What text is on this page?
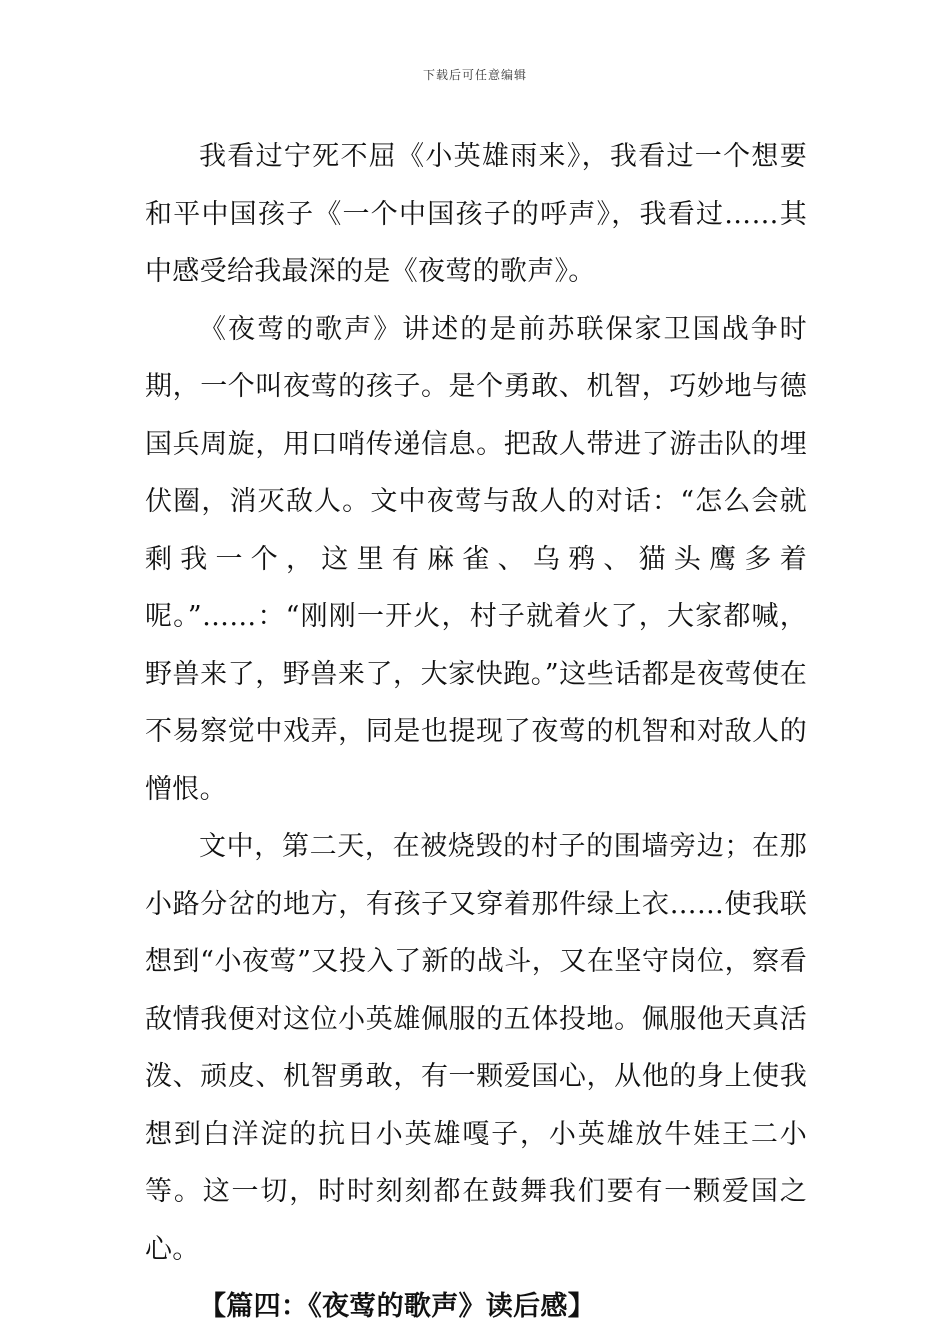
下载后可任意编辑

我看过宁死不屈《小英雄雨来》，我看过一个想要和平中国孩子《一个中国孩子的呼声》，我看过……其中感受给我最深的是《夜莺的歌声》。

《夜莺的歌声》讲述的是前苏联保家卫国战争时期，一个叫夜莺的孩子。是个勇敢、机智，巧妙地与德国兵周旋，用口哨传递信息。把敌人带进了游击队的埋伏圈，消灭敌人。文中夜莺与敌人的对话：“怎么会就剩我一个，这里有麻雀、乌鸦、猫头鹰多着呢。”……：“刚刚一开火，村子就着火了，大家都喊，野兽来了，野兽来了，大家快跑。”这些话都是夜莺使在不易察觉中戏弄，同是也提现了夜莺的机智和对敌人的憎恨。

文中，第二天，在被烧毁的村子的围墙旁边；在那小路分岔的地方，有孩子又穿着那件绿上衣……使我联想到“小夜莺”又投入了新的战斗，又在坚守岗位，察看敌情我便对这位小英雄佩服的五体投地。佩服他天真活泼、顽皮、机智勇敢，有一颗爱国心，从他的身上使我想到白洋淀的抗日小英雄嘎子，小英雄放牛娃王二小等。这一切，时时刻刻都在鼓舞我们要有一颗爱国之心。

【篇四：《夜莺的歌声》读后感】
